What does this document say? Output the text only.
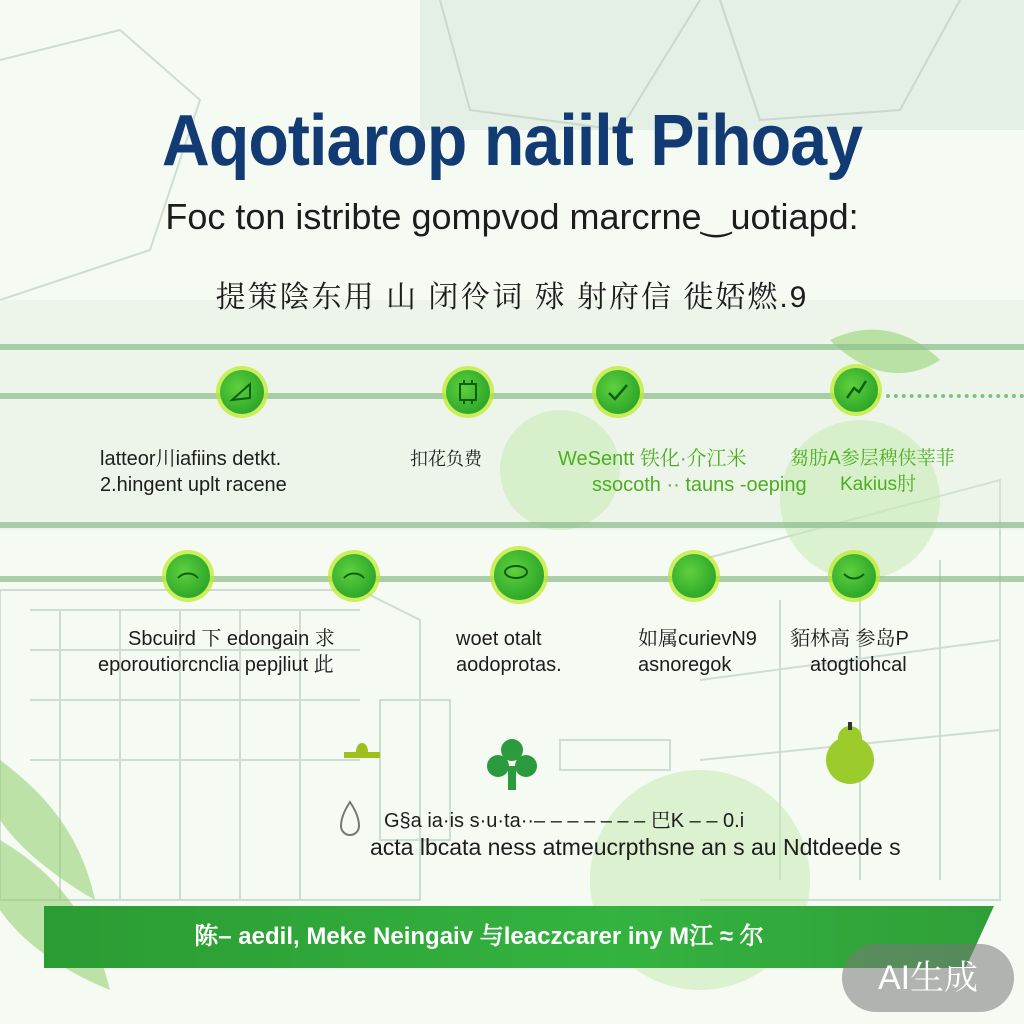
Aqotiarop naiilt Pihoay
Foc ton istribte gompvod marcrne‿uotiapd:
提策陰东用 山 闭彾词 殏 射府信 徙娝燃.9
latteor川iafiins detkt.
2.hingent uplt racene
扣花负费	WeSentt 铁化·介江米
ssocoth ·· tauns -oeping
芻肪A参层稗侠莘菲
Kakius肘
Sbcuird 下 edongain 求
eporoutiorcnclia pepjliut 此
woet otalt
aodoprotas.
如属curievN9
asnoregok
貊林高 参岛P
atogtiohcal
G§a ia·is s·u·ta··– – – – – – – 巴K – – 0.i
acta lbcata ness atmeucrpthsne an s au Ndtdeede s
陈– aedil, Meke Neingaiv 与leaczcarer iny M江 ≈ 尔
AI生成
